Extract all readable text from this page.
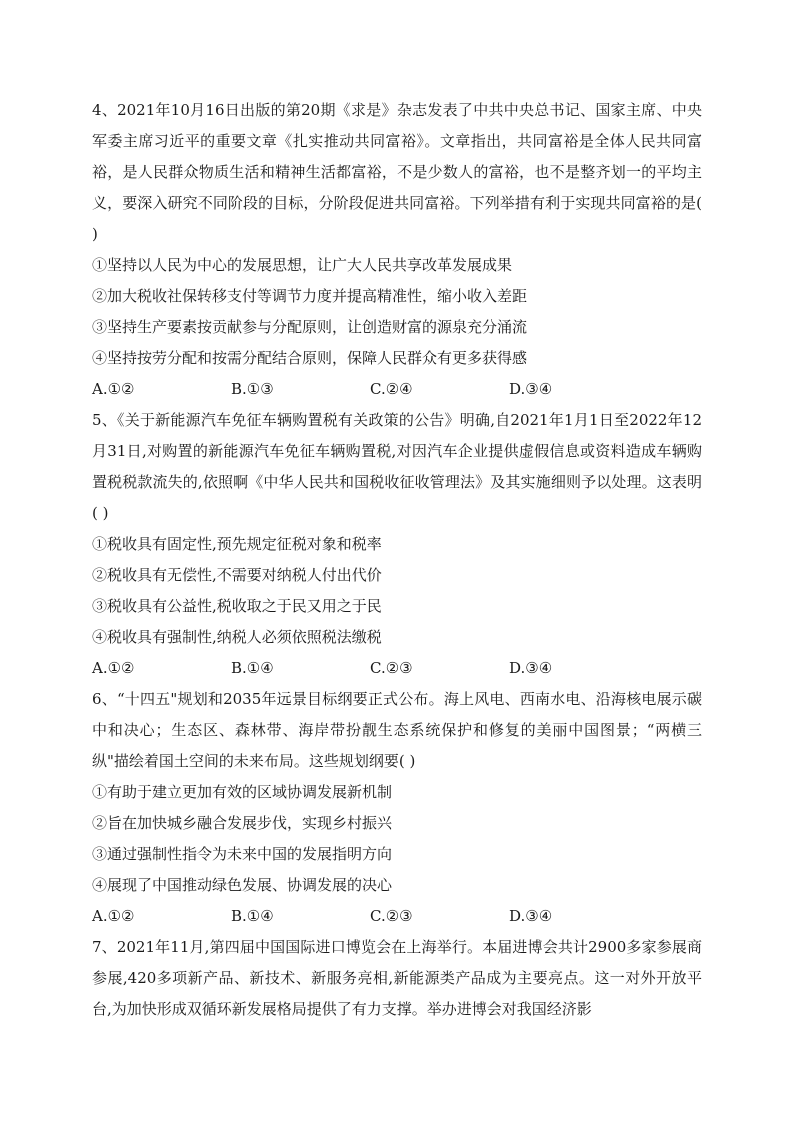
4、2021年10月16日出版的第20期《求是》杂志发表了中共中央总书记、国家主席、中央军委主席习近平的重要文章《扎实推动共同富裕》。文章指出，共同富裕是全体人民共同富裕，是人民群众物质生活和精神生活都富裕，不是少数人的富裕，也不是整齐划一的平均主义，要深入研究不同阶段的目标，分阶段促进共同富裕。下列举措有利于实现共同富裕的是( )
①坚持以人民为中心的发展思想，让广大人民共享改革发展成果
②加大税收社保转移支付等调节力度并提高精准性，缩小收入差距
③坚持生产要素按贡献参与分配原则，让创造财富的源泉充分涌流
④坚持按劳分配和按需分配结合原则，保障人民群众有更多获得感
A.①②	B.①③	C.②④	D.③④
5、《关于新能源汽车免征车辆购置税有关政策的公告》明确,自2021年1月1日至2022年12月31日,对购置的新能源汽车免征车辆购置税,对因汽车企业提供虚假信息或资料造成车辆购置税税款流失的,依照啊《中华人民共和国税收征收管理法》及其实施细则予以处理。这表明( )
①税收具有固定性,预先规定征税对象和税率
②税收具有无偿性,不需要对纳税人付出代价
③税收具有公益性,税收取之于民又用之于民
④税收具有强制性,纳税人必须依照税法缴税
A.①②	B.①④	C.②③	D.③④
6、“十四五"规划和2035年远景目标纲要正式公布。海上风电、西南水电、沿海核电展示碳中和决心；生态区、森林带、海岸带扮靓生态系统保护和修复的美丽中国图景；“两横三纵"描绘着国土空间的未来布局。这些规划纲要( )
①有助于建立更加有效的区域协调发展新机制
②旨在加快城乡融合发展步伐，实现乡村振兴
③通过强制性指令为未来中国的发展指明方向
④展现了中国推动绿色发展、协调发展的决心
A.①②	B.①④	C.②③	D.③④
7、2021年11月,第四届中国国际进口博览会在上海举行。本届进博会共计2900多家参展商参展,420多项新产品、新技术、新服务亮相,新能源类产品成为主要亮点。这一对外开放平台,为加快形成双循环新发展格局提供了有力支撑。举办进博会对我国经济影
